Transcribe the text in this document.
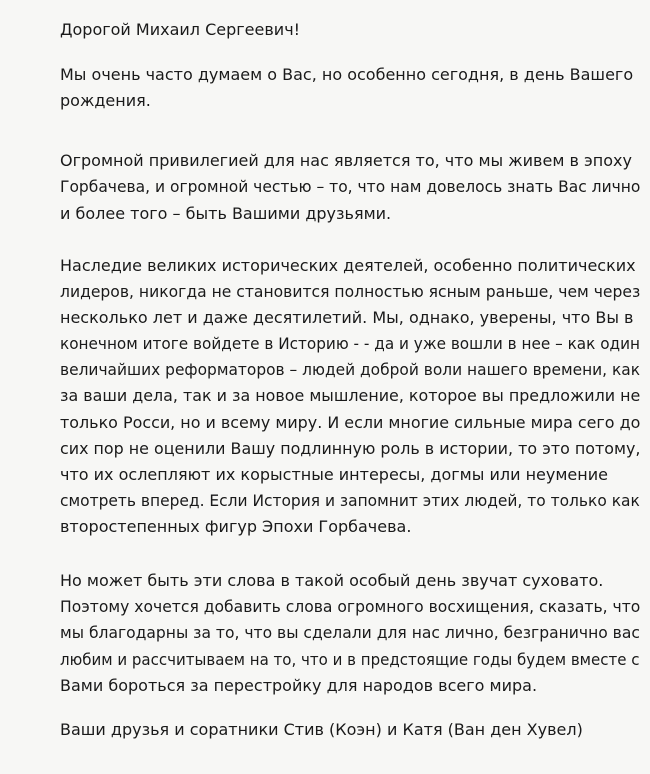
Дорогой Михаил Сергеевич!
Мы очень часто думаем о Вас, но особенно сегодня, в день Вашего
рождения.
Огромной привилегией для нас является то, что мы живем в эпоху
Горбачева, и огромной честью – то, что нам довелось знать Вас лично
и более того – быть Вашими друзьями.
Наследие великих исторических деятелей, особенно политических
лидеров, никогда не становится полностью ясным раньше, чем через
несколько лет и даже десятилетий. Мы, однако, уверены, что Вы в
конечном итоге войдете в Историю - - да и уже вошли в нее – как один
величайших реформаторов – людей доброй воли нашего времени, как
за ваши дела, так и за новое мышление, которое вы предложили не
только Росси, но и всему миру. И если многие сильные мира сего до
сих пор не оценили Вашу подлинную роль в истории, то это потому,
что их ослепляют их корыстные интересы, догмы или неумение
смотреть вперед. Если История и запомнит этих людей, то только как
второстепенных фигур Эпохи Горбачева.
Но может быть эти слова в такой особый день звучат суховато.
Поэтому хочется добавить слова огромного восхищения, сказать, что
мы благодарны за то, что вы сделали для нас лично, безгранично вас
любим и рассчитываем на то, что и в предстоящие годы будем вместе с
Вами бороться за перестройку для народов всего мира.
Ваши друзья и соратники Стив (Коэн) и Катя (Ван ден Хувел)
